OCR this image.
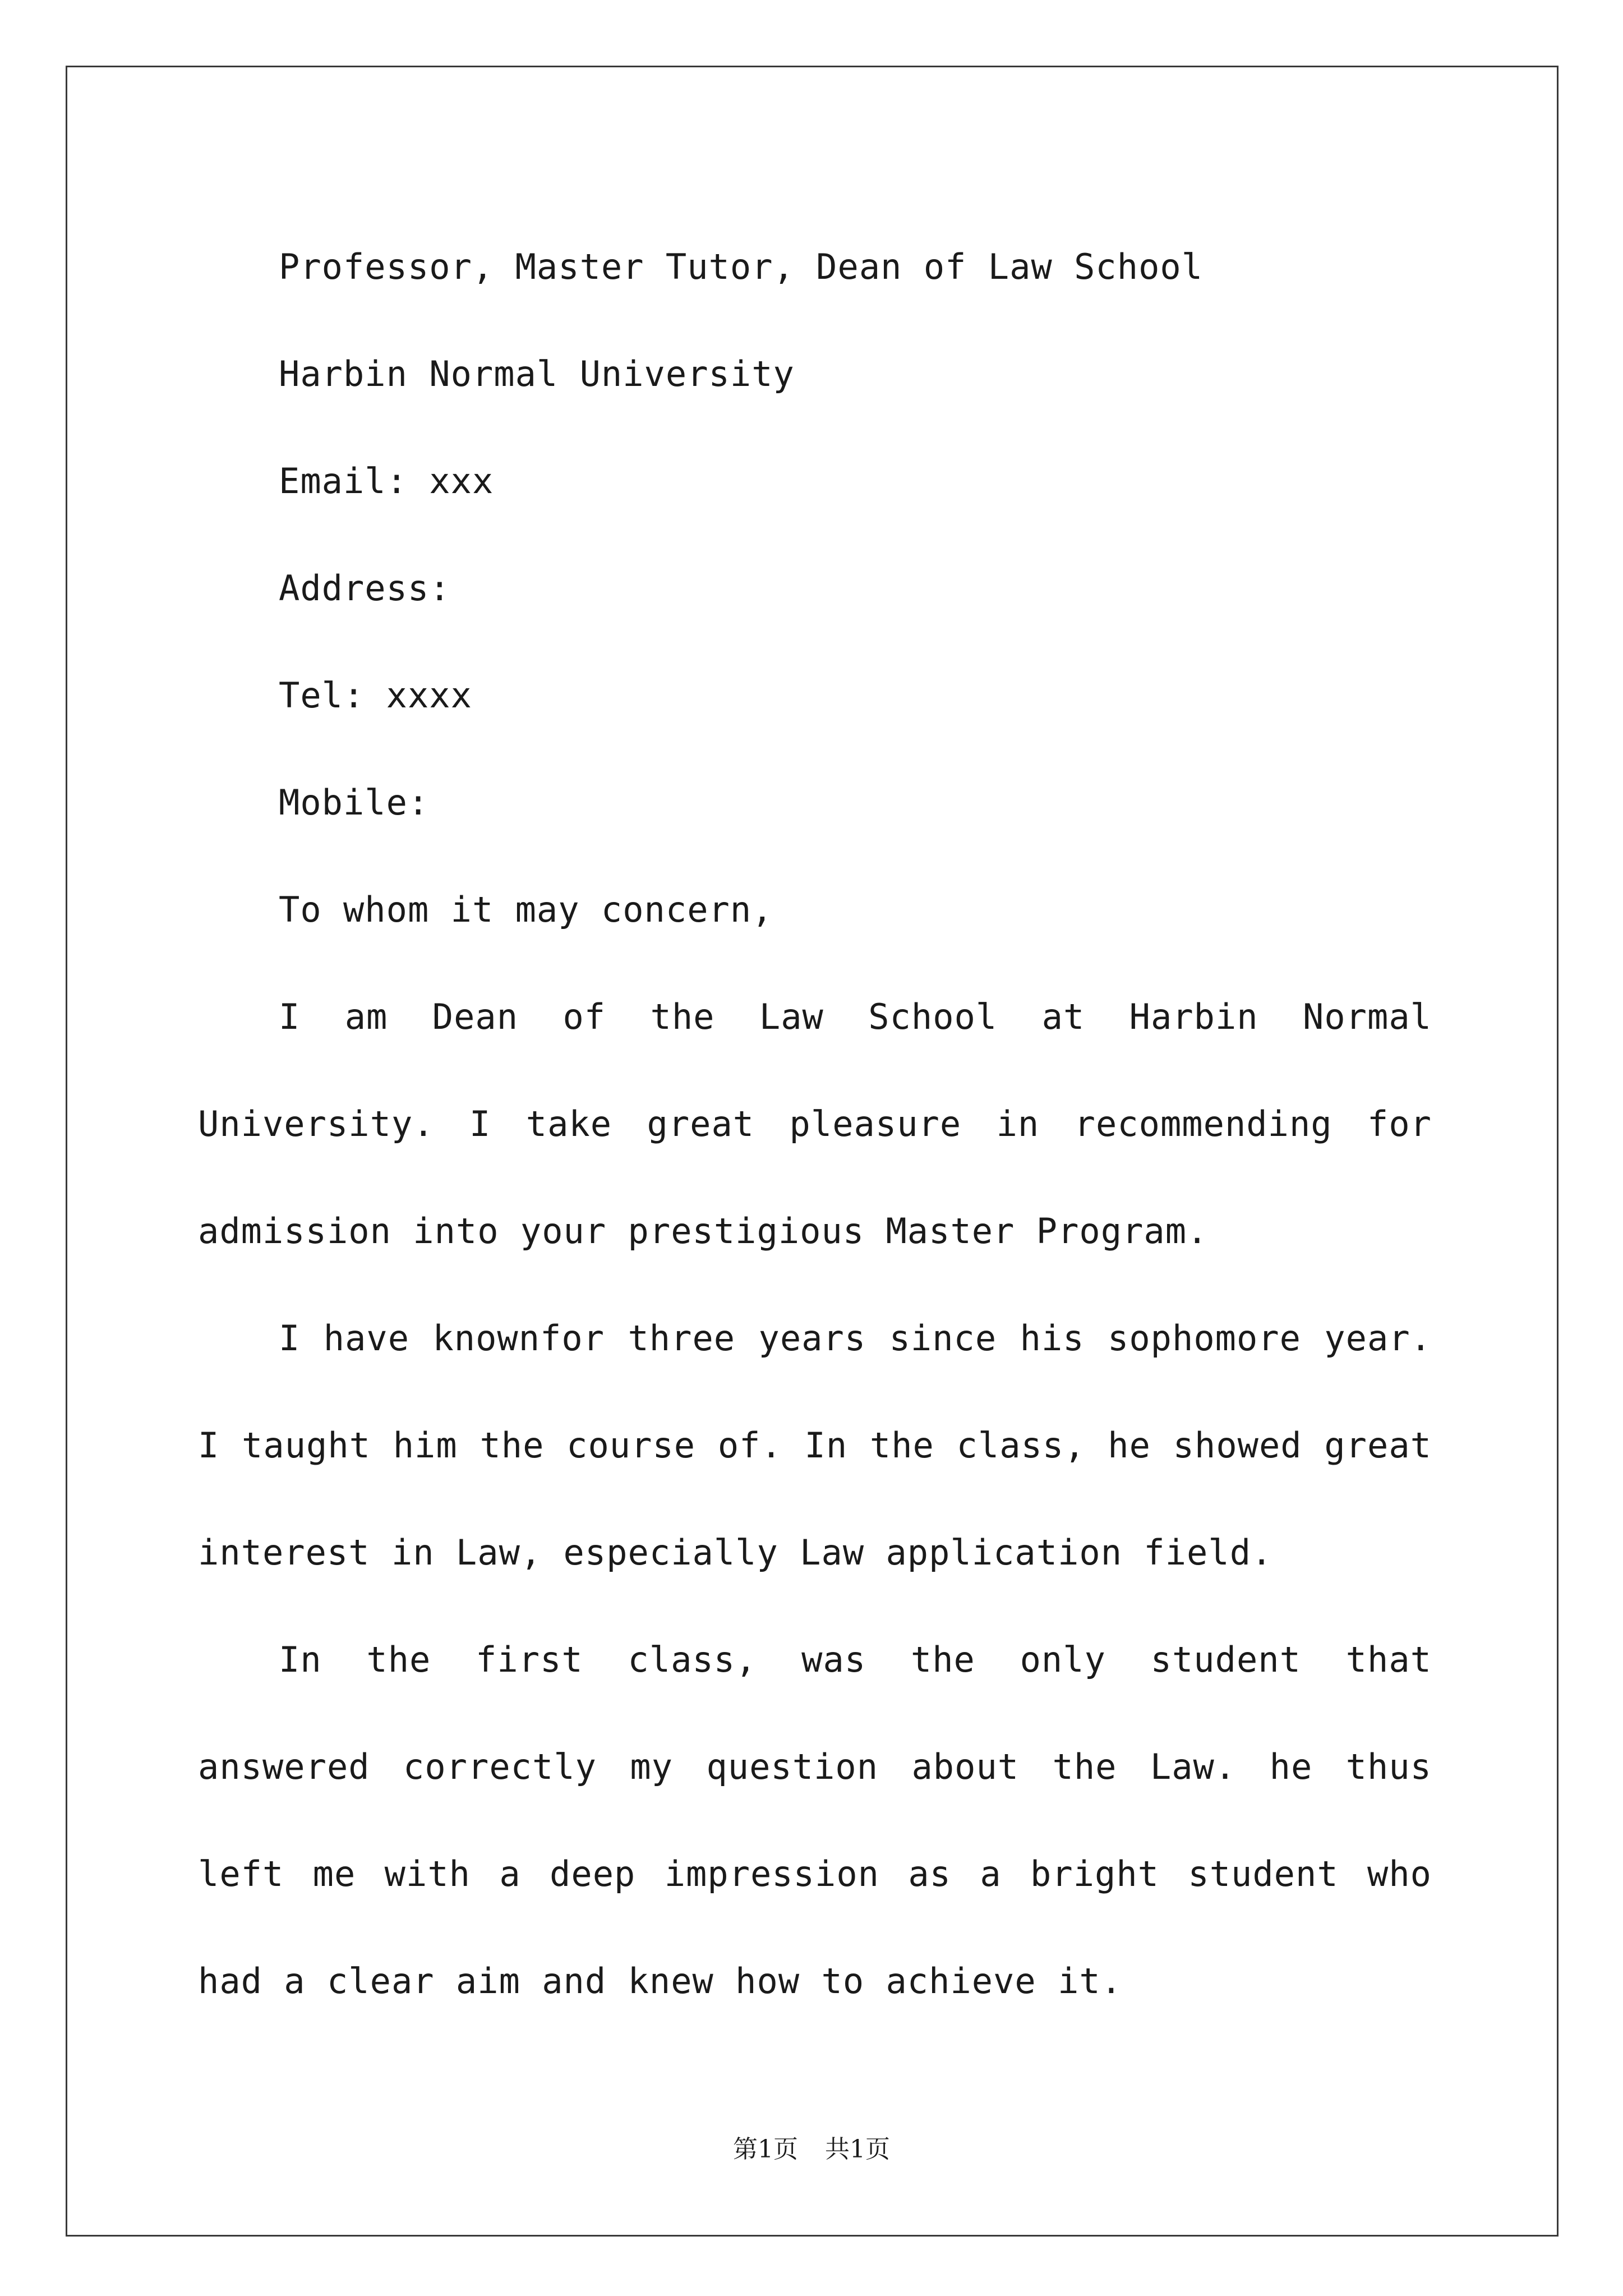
Professor, Master Tutor, Dean of Law School
Harbin Normal University
Email: xxx
Address:
Tel: xxxx
Mobile:
To whom it may concern,

I am Dean of the Law School at Harbin Normal University. I take great pleasure in recommending for admission into your prestigious Master Program.

I have knownfor three years since his sophomore year. I taught him the course of. In the class, he showed great interest in Law, especially Law application field.

In the first class, was the only student that answered correctly my question about the Law. he thus left me with a deep impression as a bright student who had a clear aim and knew how to achieve it.

第1页 共1页
